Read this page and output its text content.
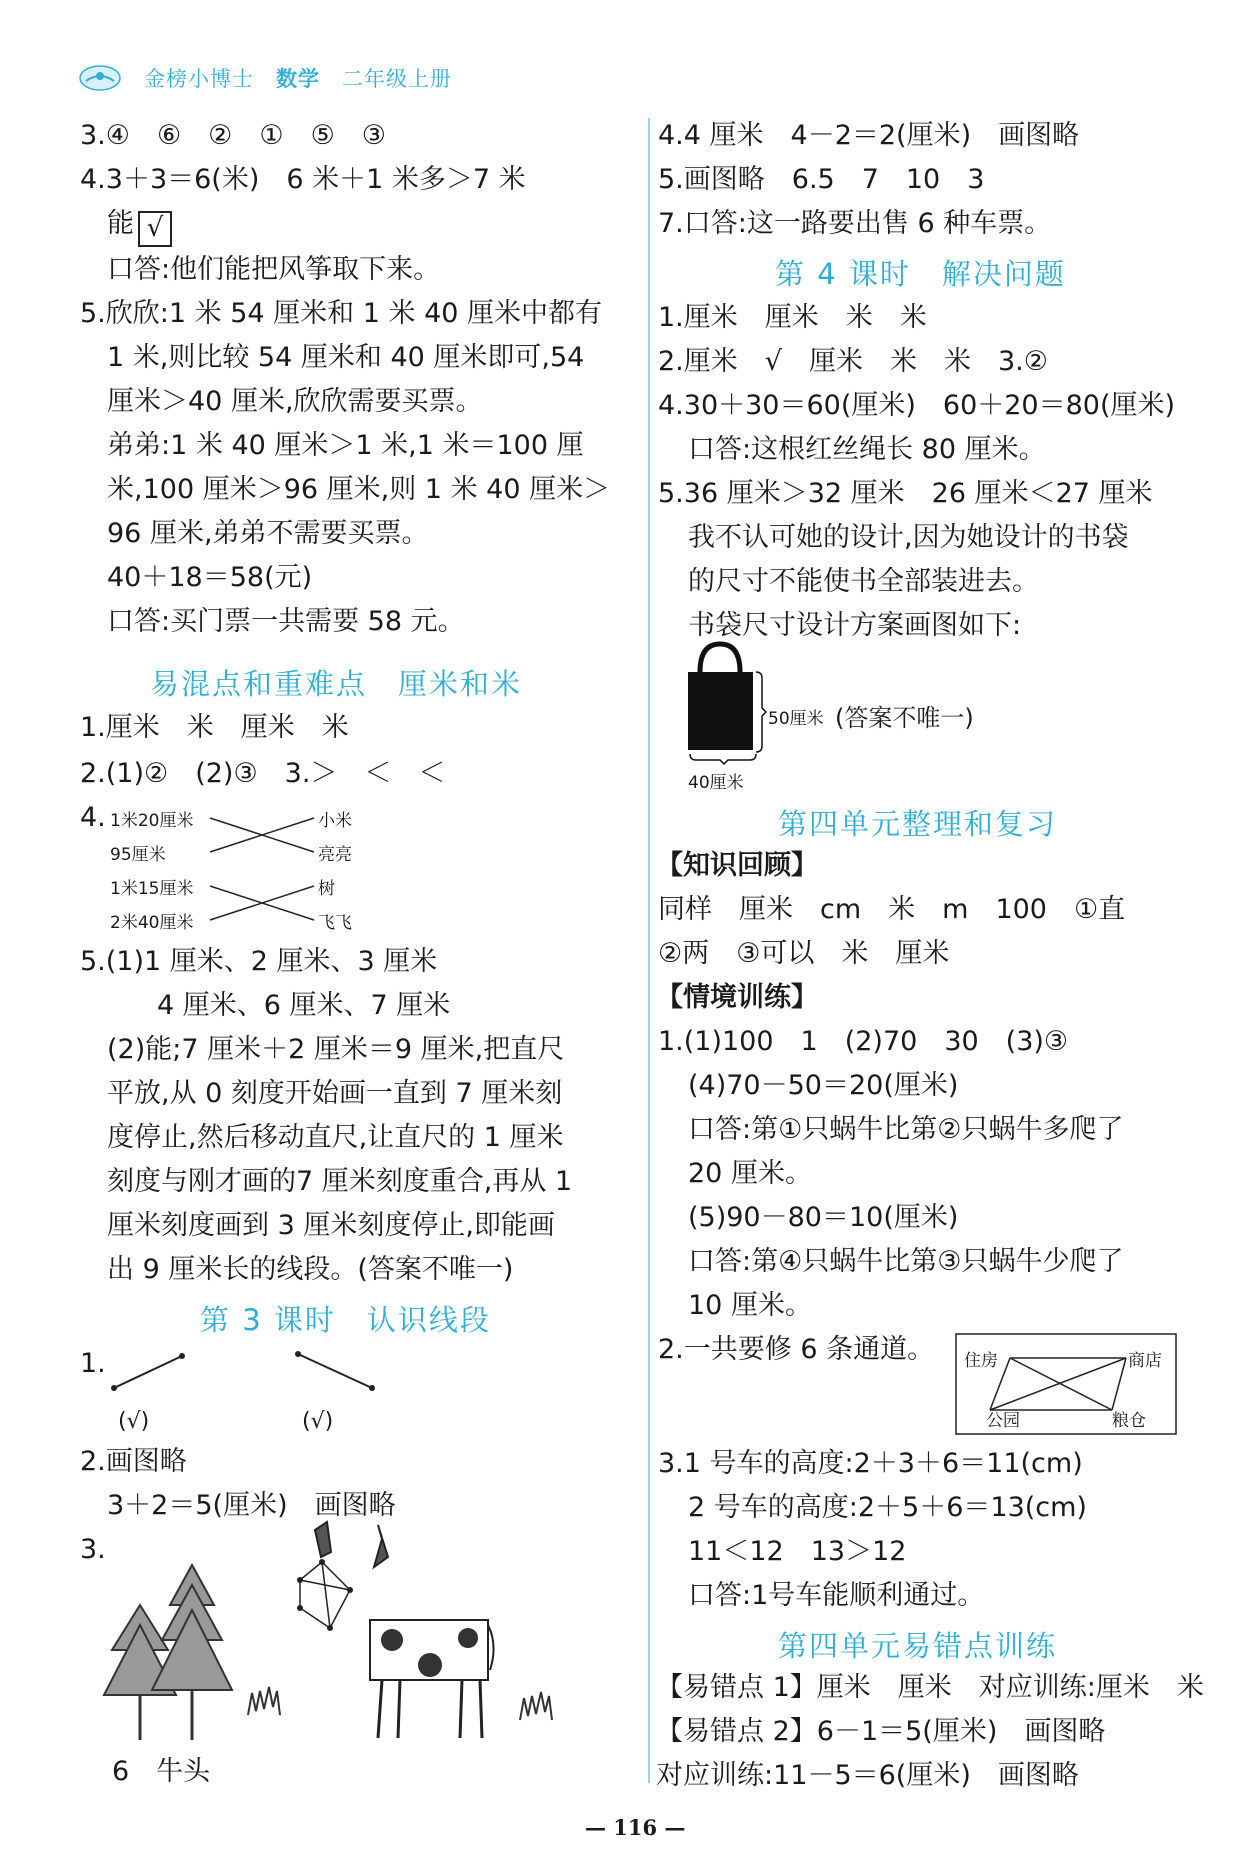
金榜小博士 数学 二年级上册
3.④　⑥　②　①　⑤　③
4.3＋3＝6(米)　6 米＋1 米多＞7 米
能 √
口答:他们能把风筝取下来。
5.欣欣:1 米 54 厘米和 1 米 40 厘米中都有
1 米,则比较 54 厘米和 40 厘米即可,54
厘米＞40 厘米,欣欣需要买票。
弟弟:1 米 40 厘米＞1 米,1 米＝100 厘
米,100 厘米＞96 厘米,则 1 米 40 厘米＞
96 厘米,弟弟不需要买票。
40＋18＝58(元)
口答:买门票一共需要 58 元。
易混点和重难点　厘米和米
1.厘米　米　厘米　米
2.(1)②　(2)③　3.＞　＜　＜
4. 1米20厘米
95厘米
1米15厘米
2米40厘米
小米
亮亮
树
飞飞
5.(1)1 厘米、2 厘米、3 厘米
4 厘米、6 厘米、7 厘米
(2)能;7 厘米＋2 厘米＝9 厘米,把直尺
平放,从 0 刻度开始画一直到 7 厘米刻
度停止,然后移动直尺,让直尺的 1 厘米
刻度与刚才画的7 厘米刻度重合,再从 1
厘米刻度画到 3 厘米刻度停止,即能画
出 9 厘米长的线段。(答案不唯一)
第 3 课时　认识线段
1.
(√)	(√)
2.画图略
3＋2＝5(厘米)　画图略
3.
6　牛头
4.4 厘米　4－2＝2(厘米)　画图略
5.画图略　6.5　7　10　3
7.口答:这一路要出售 6 种车票。
第 4 课时　解决问题
1.厘米　厘米　米　米
2.厘米　√　厘米　米　米　3.②
4.30＋30＝60(厘米)　60＋20＝80(厘米)
口答:这根红丝绳长 80 厘米。
5.36 厘米＞32 厘米　26 厘米＜27 厘米
我不认可她的设计,因为她设计的书袋
的尺寸不能使书全部装进去。
书袋尺寸设计方案画图如下:
50厘米 (答案不唯一)
40厘米
第四单元整理和复习
【知识回顾】
同样　厘米　cm　米　m　100　①直
②两　③可以　米　厘米
【情境训练】
1.(1)100　1　(2)70　30　(3)③
(4)70－50＝20(厘米)
口答:第①只蜗牛比第②只蜗牛多爬了
20 厘米。
(5)90－80＝10(厘米)
口答:第④只蜗牛比第③只蜗牛少爬了
10 厘米。
2.一共要修 6 条通道。 住房	商店
公园	粮仓
3.1 号车的高度:2＋3＋6＝11(cm)
2 号车的高度:2＋5＋6＝13(cm)
11＜12　13＞12
口答:1号车能顺利通过。
第四单元易错点训练
【易错点 1】厘米　厘米　对应训练:厘米　米
【易错点 2】6－1＝5(厘米)　画图略
对应训练:11－5＝6(厘米)　画图略
— 116 —
